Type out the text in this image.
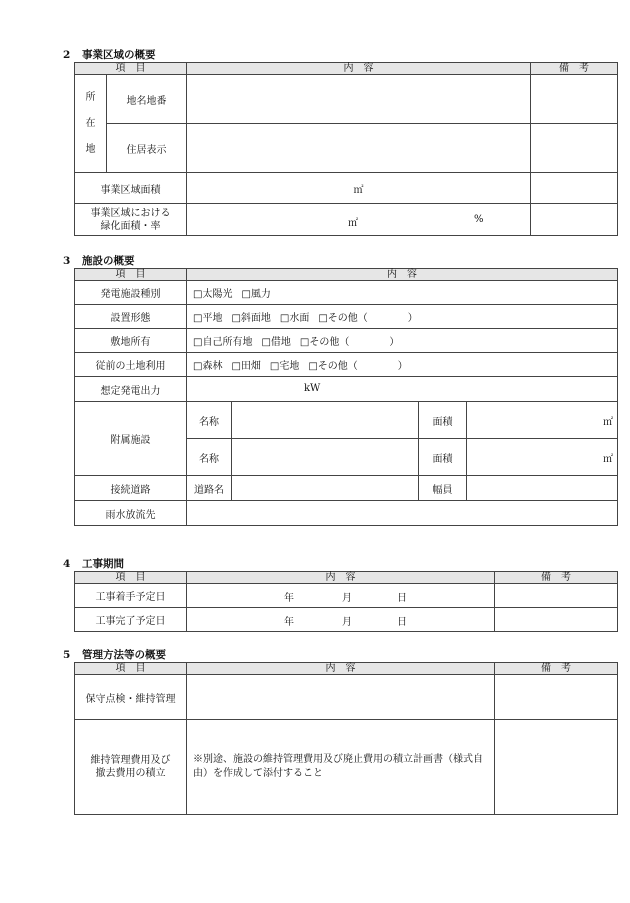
2 事業区域の概要
項　目		内　容	備　考
所
在
地	地名地番		
	住居表示		
事業区域面積		㎡	
事業区域における
緑化面積・率		㎡ %	

3 施設の概要
項　目	内　容			
発電施設種別	□太陽光 □風力			
設置形態	□平地 □斜面地 □水面 □その他（　　　　）			
敷地所有	□自己所有地 □借地 □その他（　　　　）			
従前の土地利用	□森林 □田畑 □宅地 □その他（　　　　）			
想定発電出力	kW			

附属施設	名称		面積	㎡
	名称		面積	㎡
接続道路	道路名		幅員	
雨水放流先				
4 工事期間
項　目	内　容	備　考
工事着手予定日	年 月 日	

工事完了予定日	年 月 日	

5 管理方法等の概要
項　目	内　容	備　考
保守点検・維持管理		
維持管理費用及び
撤去費用の積立	※別途、施設の維持管理費用及び廃止費用の積立計画書（様式自由）を作成して添付すること	
